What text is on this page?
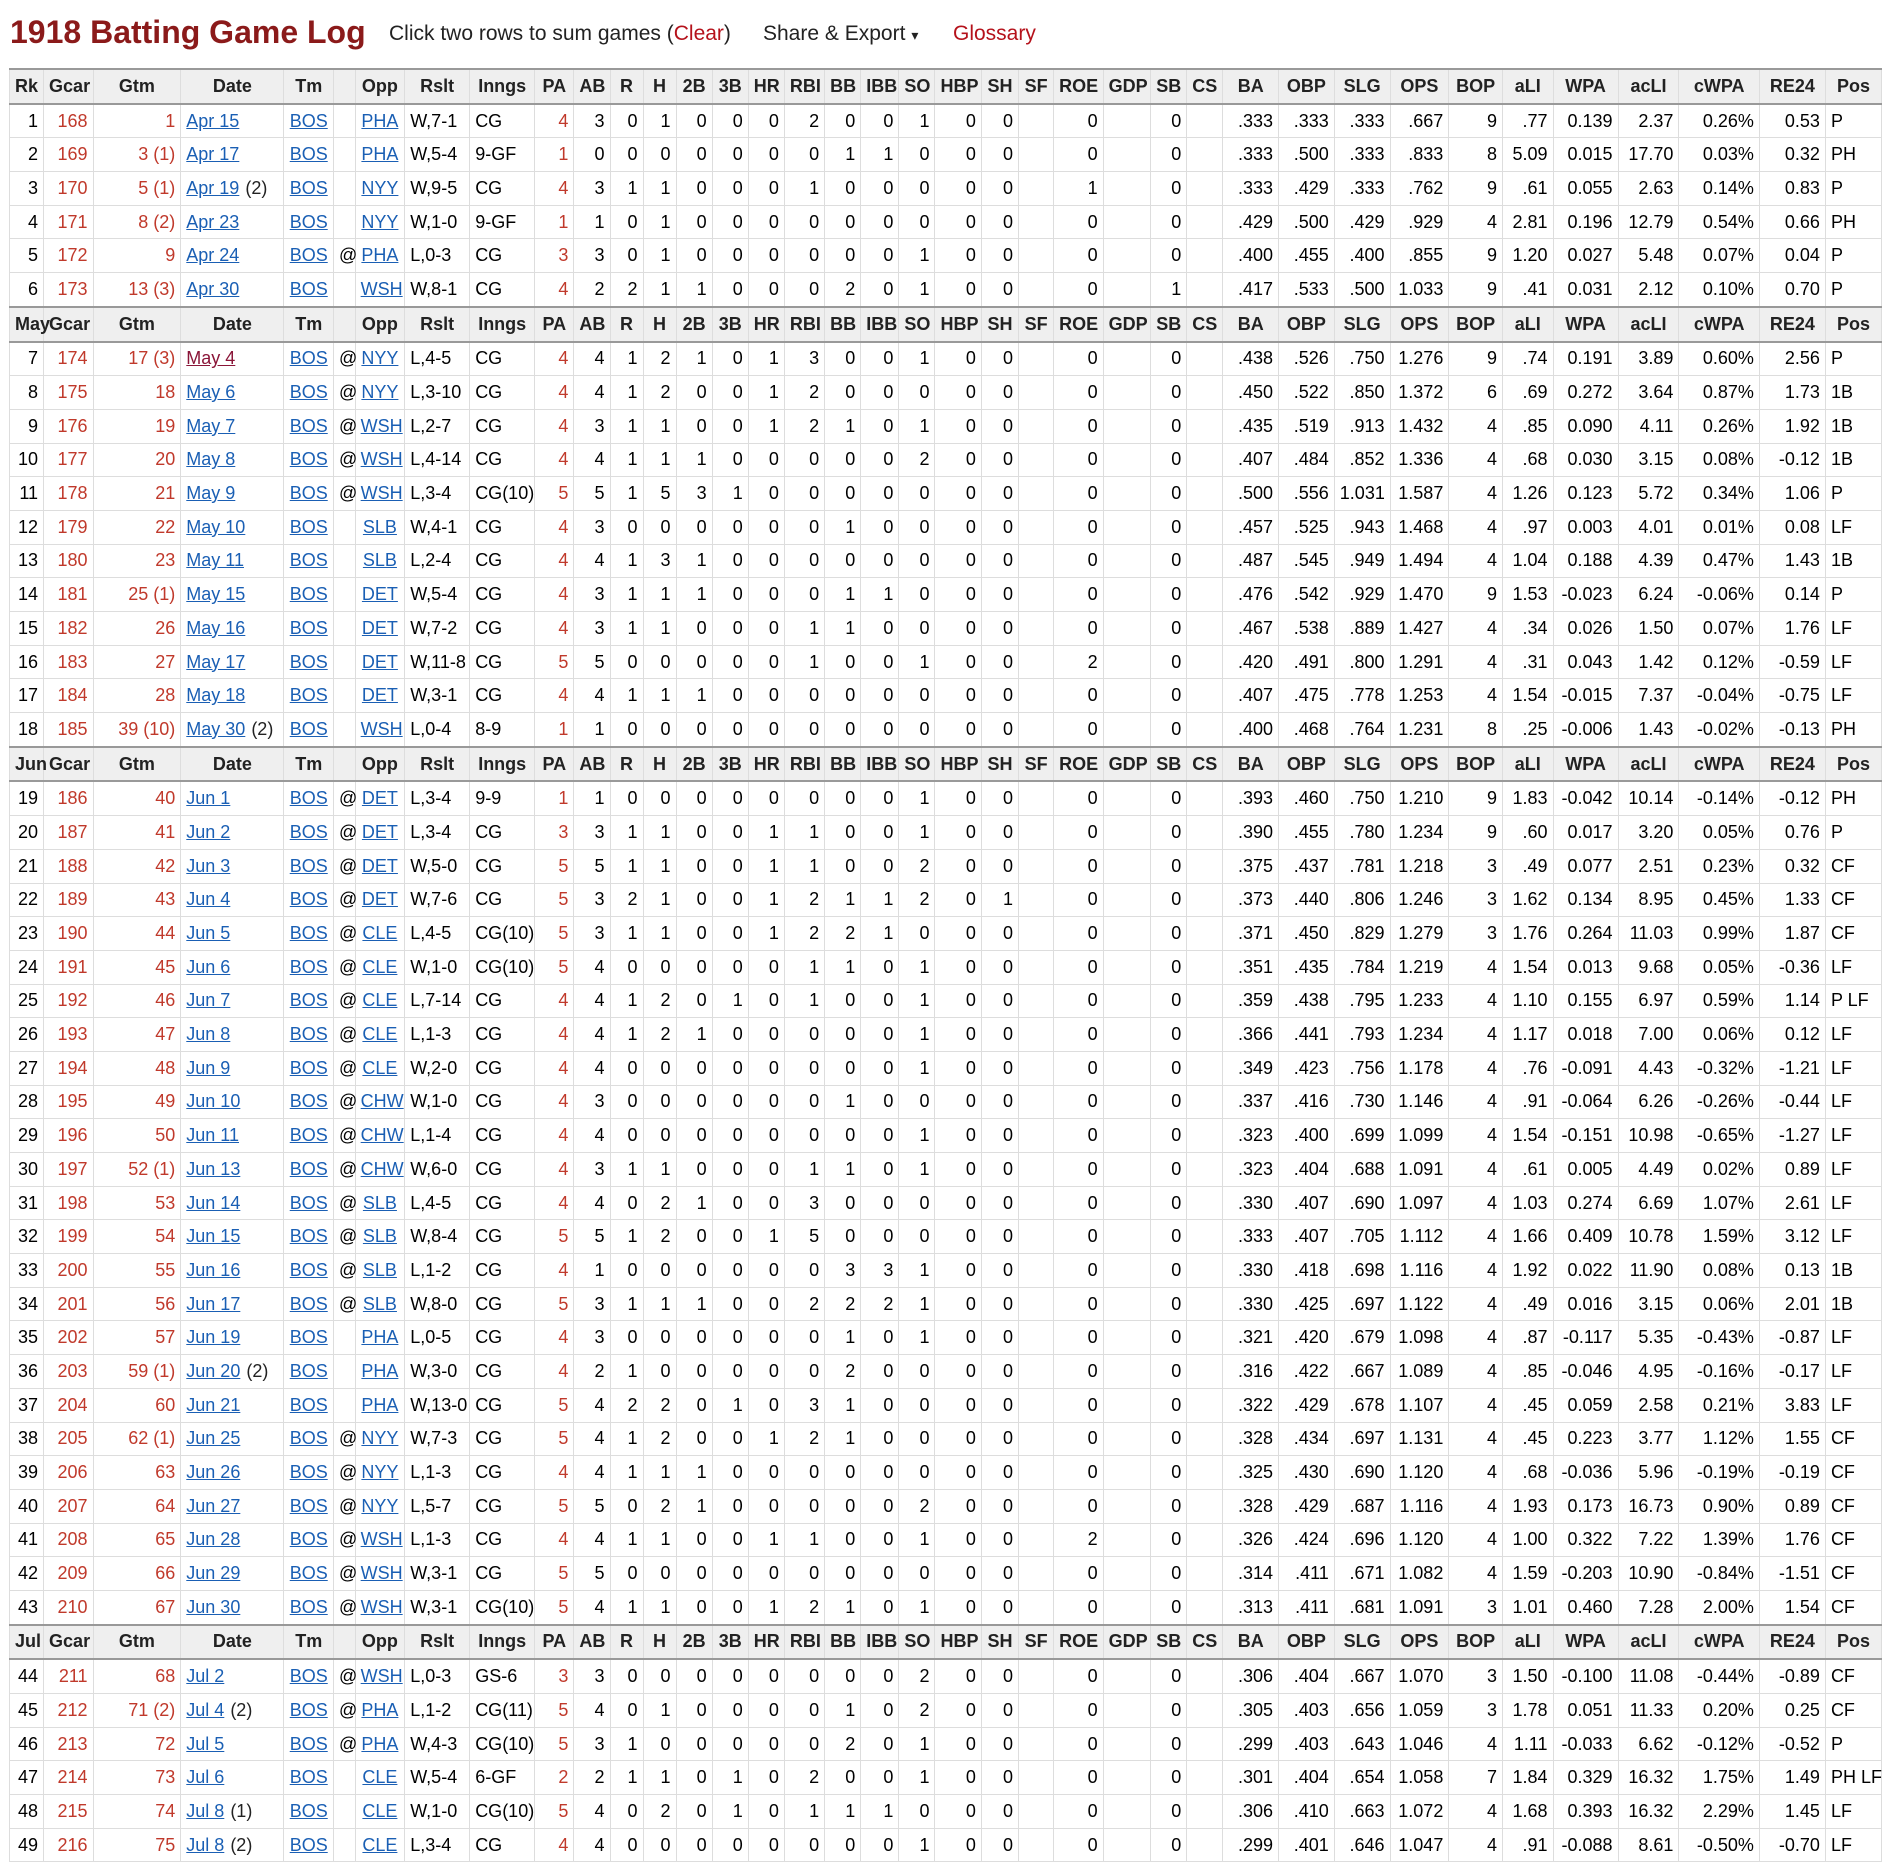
1918 Batting Game Log Click two rows to sum games (Clear) Share & Export ▾ Glossary
Rk	Gcar	Gtm	Date	Tm		Opp	Rslt	Inngs	PA	AB	R	H	2B	3B	HR	RBI	BB	IBB	SO	HBP	SH	SF	ROE	GDP	SB	CS	BA	OBP	SLG	OPS	BOP	aLI	WPA	acLI	cWPA	RE24	Pos
1	168	1	Apr 15	BOS		PHA	W,7-1	CG	4	3	0	1	0	0	0	2	0	0	1	0	0		0		0		.333	.333	.333	.667	9	.77	0.139	2.37	0.26%	0.53	P
2	169	3 (1)	Apr 17	BOS		PHA	W,5-4	9-GF	1	0	0	0	0	0	0	0	1	1	0	0	0		0		0		.333	.500	.333	.833	8	5.09	0.015	17.70	0.03%	0.32	PH
3	170	5 (1)	Apr 19 (2)	BOS		NYY	W,9-5	CG	4	3	1	1	0	0	0	1	0	0	0	0	0		1		0		.333	.429	.333	.762	9	.61	0.055	2.63	0.14%	0.83	P
4	171	8 (2)	Apr 23	BOS		NYY	W,1-0	9-GF	1	1	0	1	0	0	0	0	0	0	0	0	0		0		0		.429	.500	.429	.929	4	2.81	0.196	12.79	0.54%	0.66	PH
5	172	9	Apr 24	BOS	@	PHA	L,0-3	CG	3	3	0	1	0	0	0	0	0	0	1	0	0		0		0		.400	.455	.400	.855	9	1.20	0.027	5.48	0.07%	0.04	P
6	173	13 (3)	Apr 30	BOS		WSH	W,8-1	CG	4	2	2	1	1	0	0	0	2	0	1	0	0		0		1		.417	.533	.500	1.033	9	.41	0.031	2.12	0.10%	0.70	P
May	Gcar	Gtm	Date	Tm		Opp	Rslt	Inngs	PA	AB	R	H	2B	3B	HR	RBI	BB	IBB	SO	HBP	SH	SF	ROE	GDP	SB	CS	BA	OBP	SLG	OPS	BOP	aLI	WPA	acLI	cWPA	RE24	Pos
7	174	17 (3)	May 4	BOS	@	NYY	L,4-5	CG	4	4	1	2	1	0	1	3	0	0	1	0	0		0		0		.438	.526	.750	1.276	9	.74	0.191	3.89	0.60%	2.56	P
8	175	18	May 6	BOS	@	NYY	L,3-10	CG	4	4	1	2	0	0	1	2	0	0	0	0	0		0		0		.450	.522	.850	1.372	6	.69	0.272	3.64	0.87%	1.73	1B
9	176	19	May 7	BOS	@	WSH	L,2-7	CG	4	3	1	1	0	0	1	2	1	0	1	0	0		0		0		.435	.519	.913	1.432	4	.85	0.090	4.11	0.26%	1.92	1B
10	177	20	May 8	BOS	@	WSH	L,4-14	CG	4	4	1	1	1	0	0	0	0	0	2	0	0		0		0		.407	.484	.852	1.336	4	.68	0.030	3.15	0.08%	-0.12	1B
11	178	21	May 9	BOS	@	WSH	L,3-4	CG(10)	5	5	1	5	3	1	0	0	0	0	0	0	0		0		0		.500	.556	1.031	1.587	4	1.26	0.123	5.72	0.34%	1.06	P
12	179	22	May 10	BOS		SLB	W,4-1	CG	4	3	0	0	0	0	0	0	1	0	0	0	0		0		0		.457	.525	.943	1.468	4	.97	0.003	4.01	0.01%	0.08	LF
13	180	23	May 11	BOS		SLB	L,2-4	CG	4	4	1	3	1	0	0	0	0	0	0	0	0		0		0		.487	.545	.949	1.494	4	1.04	0.188	4.39	0.47%	1.43	1B
14	181	25 (1)	May 15	BOS		DET	W,5-4	CG	4	3	1	1	1	0	0	0	1	1	0	0	0		0		0		.476	.542	.929	1.470	9	1.53	-0.023	6.24	-0.06%	0.14	P
15	182	26	May 16	BOS		DET	W,7-2	CG	4	3	1	1	0	0	0	1	1	0	0	0	0		0		0		.467	.538	.889	1.427	4	.34	0.026	1.50	0.07%	1.76	LF
16	183	27	May 17	BOS		DET	W,11-8	CG	5	5	0	0	0	0	0	1	0	0	1	0	0		2		0		.420	.491	.800	1.291	4	.31	0.043	1.42	0.12%	-0.59	LF
17	184	28	May 18	BOS		DET	W,3-1	CG	4	4	1	1	1	0	0	0	0	0	0	0	0		0		0		.407	.475	.778	1.253	4	1.54	-0.015	7.37	-0.04%	-0.75	LF
18	185	39 (10)	May 30 (2)	BOS		WSH	L,0-4	8-9	1	1	0	0	0	0	0	0	0	0	0	0	0		0		0		.400	.468	.764	1.231	8	.25	-0.006	1.43	-0.02%	-0.13	PH
Jun	Gcar	Gtm	Date	Tm		Opp	Rslt	Inngs	PA	AB	R	H	2B	3B	HR	RBI	BB	IBB	SO	HBP	SH	SF	ROE	GDP	SB	CS	BA	OBP	SLG	OPS	BOP	aLI	WPA	acLI	cWPA	RE24	Pos
19	186	40	Jun 1	BOS	@	DET	L,3-4	9-9	1	1	0	0	0	0	0	0	0	0	1	0	0		0		0		.393	.460	.750	1.210	9	1.83	-0.042	10.14	-0.14%	-0.12	PH
20	187	41	Jun 2	BOS	@	DET	L,3-4	CG	3	3	1	1	0	0	1	1	0	0	1	0	0		0		0		.390	.455	.780	1.234	9	.60	0.017	3.20	0.05%	0.76	P
21	188	42	Jun 3	BOS	@	DET	W,5-0	CG	5	5	1	1	0	0	1	1	0	0	2	0	0		0		0		.375	.437	.781	1.218	3	.49	0.077	2.51	0.23%	0.32	CF
22	189	43	Jun 4	BOS	@	DET	W,7-6	CG	5	3	2	1	0	0	1	2	1	1	2	0	1		0		0		.373	.440	.806	1.246	3	1.62	0.134	8.95	0.45%	1.33	CF
23	190	44	Jun 5	BOS	@	CLE	L,4-5	CG(10)	5	3	1	1	0	0	1	2	2	1	0	0	0		0		0		.371	.450	.829	1.279	3	1.76	0.264	11.03	0.99%	1.87	CF
24	191	45	Jun 6	BOS	@	CLE	W,1-0	CG(10)	5	4	0	0	0	0	0	1	1	0	1	0	0		0		0		.351	.435	.784	1.219	4	1.54	0.013	9.68	0.05%	-0.36	LF
25	192	46	Jun 7	BOS	@	CLE	L,7-14	CG	4	4	1	2	0	1	0	1	0	0	1	0	0		0		0		.359	.438	.795	1.233	4	1.10	0.155	6.97	0.59%	1.14	P LF
26	193	47	Jun 8	BOS	@	CLE	L,1-3	CG	4	4	1	2	1	0	0	0	0	0	1	0	0		0		0		.366	.441	.793	1.234	4	1.17	0.018	7.00	0.06%	0.12	LF
27	194	48	Jun 9	BOS	@	CLE	W,2-0	CG	4	4	0	0	0	0	0	0	0	0	1	0	0		0		0		.349	.423	.756	1.178	4	.76	-0.091	4.43	-0.32%	-1.21	LF
28	195	49	Jun 10	BOS	@	CHW	W,1-0	CG	4	3	0	0	0	0	0	0	1	0	0	0	0		0		0		.337	.416	.730	1.146	4	.91	-0.064	6.26	-0.26%	-0.44	LF
29	196	50	Jun 11	BOS	@	CHW	L,1-4	CG	4	4	0	0	0	0	0	0	0	0	1	0	0		0		0		.323	.400	.699	1.099	4	1.54	-0.151	10.98	-0.65%	-1.27	LF
30	197	52 (1)	Jun 13	BOS	@	CHW	W,6-0	CG	4	3	1	1	0	0	0	1	1	0	1	0	0		0		0		.323	.404	.688	1.091	4	.61	0.005	4.49	0.02%	0.89	LF
31	198	53	Jun 14	BOS	@	SLB	L,4-5	CG	4	4	0	2	1	0	0	3	0	0	0	0	0		0		0		.330	.407	.690	1.097	4	1.03	0.274	6.69	1.07%	2.61	LF
32	199	54	Jun 15	BOS	@	SLB	W,8-4	CG	5	5	1	2	0	0	1	5	0	0	0	0	0		0		0		.333	.407	.705	1.112	4	1.66	0.409	10.78	1.59%	3.12	LF
33	200	55	Jun 16	BOS	@	SLB	L,1-2	CG	4	1	0	0	0	0	0	0	3	3	1	0	0		0		0		.330	.418	.698	1.116	4	1.92	0.022	11.90	0.08%	0.13	1B
34	201	56	Jun 17	BOS	@	SLB	W,8-0	CG	5	3	1	1	1	0	0	2	2	2	1	0	0		0		0		.330	.425	.697	1.122	4	.49	0.016	3.15	0.06%	2.01	1B
35	202	57	Jun 19	BOS		PHA	L,0-5	CG	4	3	0	0	0	0	0	0	1	0	1	0	0		0		0		.321	.420	.679	1.098	4	.87	-0.117	5.35	-0.43%	-0.87	LF
36	203	59 (1)	Jun 20 (2)	BOS		PHA	W,3-0	CG	4	2	1	0	0	0	0	0	2	0	0	0	0		0		0		.316	.422	.667	1.089	4	.85	-0.046	4.95	-0.16%	-0.17	LF
37	204	60	Jun 21	BOS		PHA	W,13-0	CG	5	4	2	2	0	1	0	3	1	0	0	0	0		0		0		.322	.429	.678	1.107	4	.45	0.059	2.58	0.21%	3.83	LF
38	205	62 (1)	Jun 25	BOS	@	NYY	W,7-3	CG	5	4	1	2	0	0	1	2	1	0	0	0	0		0		0		.328	.434	.697	1.131	4	.45	0.223	3.77	1.12%	1.55	CF
39	206	63	Jun 26	BOS	@	NYY	L,1-3	CG	4	4	1	1	1	0	0	0	0	0	0	0	0		0		0		.325	.430	.690	1.120	4	.68	-0.036	5.96	-0.19%	-0.19	CF
40	207	64	Jun 27	BOS	@	NYY	L,5-7	CG	5	5	0	2	1	0	0	0	0	0	2	0	0		0		0		.328	.429	.687	1.116	4	1.93	0.173	16.73	0.90%	0.89	CF
41	208	65	Jun 28	BOS	@	WSH	L,1-3	CG	4	4	1	1	0	0	1	1	0	0	1	0	0		2		0		.326	.424	.696	1.120	4	1.00	0.322	7.22	1.39%	1.76	CF
42	209	66	Jun 29	BOS	@	WSH	W,3-1	CG	5	5	0	0	0	0	0	0	0	0	0	0	0		0		0		.314	.411	.671	1.082	4	1.59	-0.203	10.90	-0.84%	-1.51	CF
43	210	67	Jun 30	BOS	@	WSH	W,3-1	CG(10)	5	4	1	1	0	0	1	2	1	0	1	0	0		0		0		.313	.411	.681	1.091	3	1.01	0.460	7.28	2.00%	1.54	CF
Jul	Gcar	Gtm	Date	Tm		Opp	Rslt	Inngs	PA	AB	R	H	2B	3B	HR	RBI	BB	IBB	SO	HBP	SH	SF	ROE	GDP	SB	CS	BA	OBP	SLG	OPS	BOP	aLI	WPA	acLI	cWPA	RE24	Pos
44	211	68	Jul 2	BOS	@	WSH	L,0-3	GS-6	3	3	0	0	0	0	0	0	0	0	2	0	0		0		0		.306	.404	.667	1.070	3	1.50	-0.100	11.08	-0.44%	-0.89	CF
45	212	71 (2)	Jul 4 (2)	BOS	@	PHA	L,1-2	CG(11)	5	4	0	1	0	0	0	0	1	0	2	0	0		0		0		.305	.403	.656	1.059	3	1.78	0.051	11.33	0.20%	0.25	CF
46	213	72	Jul 5	BOS	@	PHA	W,4-3	CG(10)	5	3	1	0	0	0	0	0	2	0	1	0	0		0		0		.299	.403	.643	1.046	4	1.11	-0.033	6.62	-0.12%	-0.52	P
47	214	73	Jul 6	BOS		CLE	W,5-4	6-GF	2	2	1	1	0	1	0	2	0	0	1	0	0		0		0		.301	.404	.654	1.058	7	1.84	0.329	16.32	1.75%	1.49	PH LF
48	215	74	Jul 8 (1)	BOS		CLE	W,1-0	CG(10)	5	4	0	2	0	1	0	1	1	1	0	0	0		0		0		.306	.410	.663	1.072	4	1.68	0.393	16.32	2.29%	1.45	LF
49	216	75	Jul 8 (2)	BOS		CLE	L,3-4	CG	4	4	0	0	0	0	0	0	0	0	1	0	0		0		0		.299	.401	.646	1.047	4	.91	-0.088	8.61	-0.50%	-0.70	LF
